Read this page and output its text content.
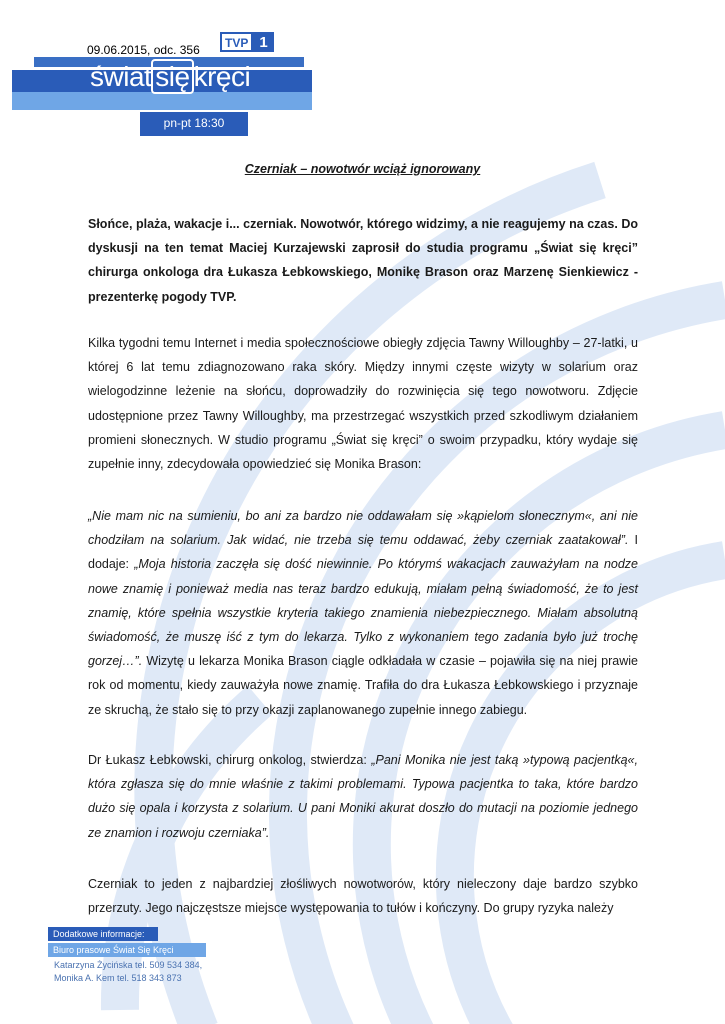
świat się kręci
pn-pt 18:30
TVP 1
09.06.2015, odc. 356
Czerniak – nowotwór wciąż ignorowany

Słońce, plaża, wakacje i... czerniak. Nowotwór, którego widzimy, a nie reagujemy na czas. Do dyskusji na ten temat Maciej Kurzajewski zaprosił do studia programu „Świat się kręci” chirurga onkologa dra Łukasza Łebkowskiego, Monikę Brason oraz Marzenę Sienkiewicz - prezenterkę pogody TVP.

Kilka tygodni temu Internet i media społecznościowe obiegły zdjęcia Tawny Willoughby – 27-latki, u której 6 lat temu zdiagnozowano raka skóry. Między innymi częste wizyty w solarium oraz wielogodzinne leżenie na słońcu, doprowadziły do rozwinięcia się tego nowotworu. Zdjęcie udostępnione przez Tawny Willoughby, ma przestrzegać wszystkich przed szkodliwym działaniem promieni słonecznych. W studio programu „Świat się kręci” o swoim przypadku, który wydaje się zupełnie inny, zdecydowała opowiedzieć się Monika Brason:

„Nie mam nic na sumieniu, bo ani za bardzo nie oddawałam się »kąpielom słonecznym«, ani nie chodziłam na solarium. Jak widać, nie trzeba się temu oddawać, żeby czerniak zaatakował”. I dodaje: „Moja historia zaczęła się dość niewinnie. Po którymś wakacjach zauważyłam na nodze nowe znamię i ponieważ media nas teraz bardzo edukują, miałam pełną świadomość, że to jest znamię, które spełnia wszystkie kryteria takiego znamienia niebezpiecznego. Miałam absolutną świadomość, że muszę iść z tym do lekarza. Tylko z wykonaniem tego zadania było już trochę gorzej…”. Wizytę u lekarza Monika Brason ciągle odkładała w czasie – pojawiła się na niej prawie rok od momentu, kiedy zauważyła nowe znamię. Trafiła do dra Łukasza Łebkowskiego i przyznaje ze skruchą, że stało się to przy okazji zaplanowanego zupełnie innego zabiegu.

Dr Łukasz Łebkowski, chirurg onkolog, stwierdza: „Pani Monika nie jest taką »typową pacjentką«, która zgłasza się do mnie właśnie z takimi problemami. Typowa pacjentka to taka, które bardzo dużo się opala i korzysta z solarium. U pani Moniki akurat doszło do mutacji na poziomie jednego ze znamion i rozwoju czerniaka”.

Czerniak to jeden z najbardziej złośliwych nowotworów, który nieleczony daje bardzo szybko przerzuty. Jego najczęstsze miejsce występowania to tułów i kończyny. Do grupy ryzyka należy

Dodatkowe informacje:
Biuro prasowe Świat Się Kręci
Katarzyna Życińska tel. 509 534 384,
Monika A. Kem tel. 518 343 873
